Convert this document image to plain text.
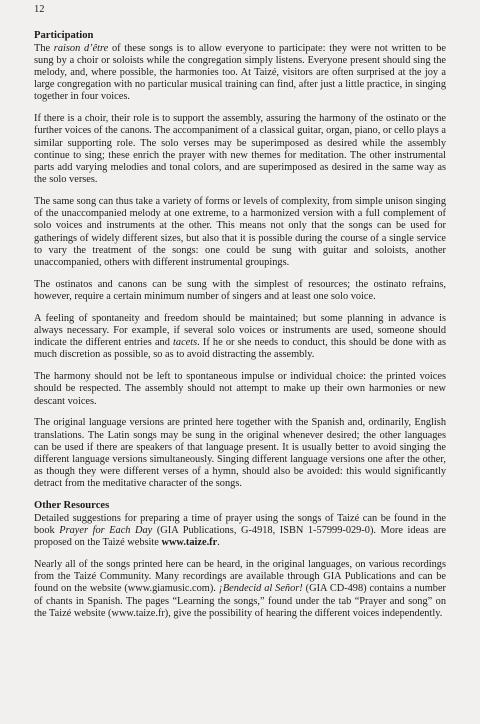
12
Participation

The raison d’être of these songs is to allow everyone to participate: they were not written to be sung by a choir or soloists while the congregation simply listens. Everyone present should sing the melody, and, where possible, the harmonies too. At Taizé, visitors are often surprised at the joy a large congregation with no particular musical training can find, after just a little practice, in singing together in four voices.

If there is a choir, their role is to support the assembly, assuring the harmony of the ostinato or the further voices of the canons. The accompaniment of a classical guitar, organ, piano, or cello plays a similar supporting role. The solo verses may be superimposed as desired while the assembly continue to sing; these enrich the prayer with new themes for meditation. The other instrumental parts add varying melodies and tonal colors, and are superimposed as desired in the same way as the solo verses.

The same song can thus take a variety of forms or levels of complexity, from simple unison singing of the unaccompanied melody at one extreme, to a harmonized version with a full complement of solo voices and instruments at the other. This means not only that the songs can be used for gatherings of widely different sizes, but also that it is possible during the course of a single service to vary the treatment of the songs: one could be sung with guitar and soloists, another unaccompanied, others with different instrumental groupings.

The ostinatos and canons can be sung with the simplest of resources; the ostinato refrains, however, require a certain minimum number of singers and at least one solo voice.

A feeling of spontaneity and freedom should be maintained; but some planning in advance is always necessary. For example, if several solo voices or instruments are used, someone should indicate the different entries and tacets. If he or she needs to conduct, this should be done with as much discretion as possible, so as to avoid distracting the assembly.

The harmony should not be left to spontaneous impulse or individual choice: the printed voices should be respected. The assembly should not attempt to make up their own harmonies or new descant voices.

The original language versions are printed here together with the Spanish and, ordinarily, English translations. The Latin songs may be sung in the original whenever desired; the other languages can be used if there are speakers of that language present. It is usually better to avoid singing the different language versions simultaneously. Singing different language versions one after the other, as though they were different verses of a hymn, should also be avoided: this would significantly detract from the meditative character of the songs.

Other Resources

Detailed suggestions for preparing a time of prayer using the songs of Taizé can be found in the book Prayer for Each Day (GIA Publications, G-4918, ISBN 1-57999-029-0). More ideas are proposed on the Taizé website www.taize.fr.

Nearly all of the songs printed here can be heard, in the original languages, on various recordings from the Taizé Community. Many recordings are available through GIA Publications and can be found on the website (www.giamusic.com). ¡Bendecid al Señor! (GIA CD-498) contains a number of chants in Spanish. The pages “Learning the songs,” found under the tab “Prayer and song” on the Taizé website (www.taize.fr), give the possibility of hearing the different voices independently.
